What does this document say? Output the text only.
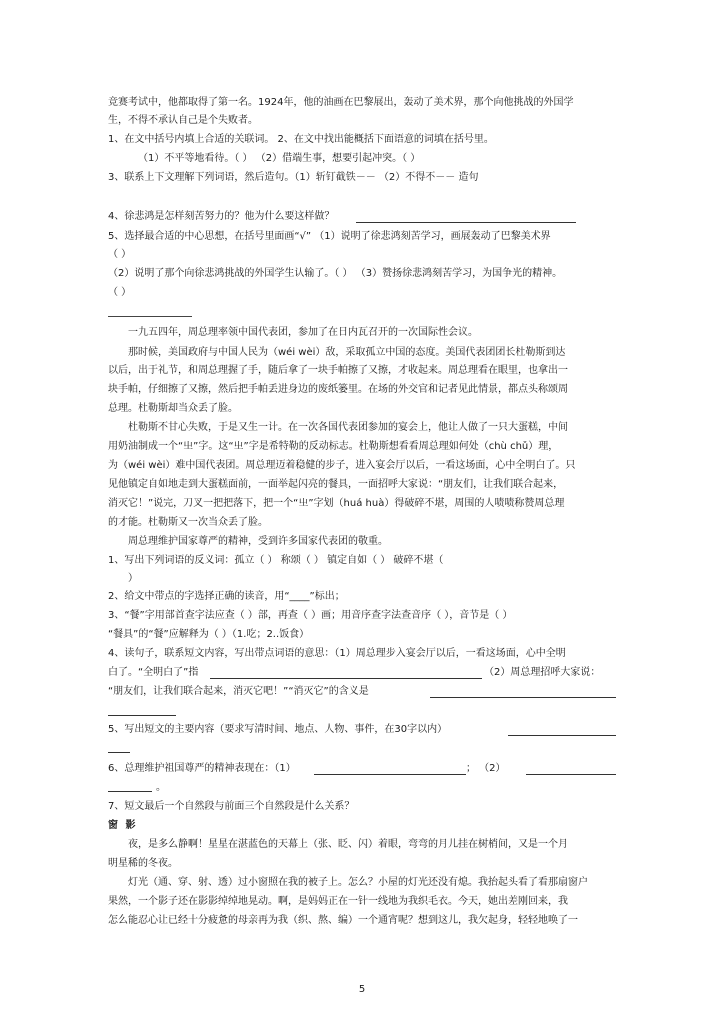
竞赛考试中，他都取得了第一名。1924年，他的油画在巴黎展出，轰动了美术界，那个向他挑战的外国学
生，不得不承认自己是个失败者。
1、在文中括号内填上合适的关联词。 2、在文中找出能概括下面语意的词填在括号里。
（1）不平等地看待。（ ） （2）借端生事，想要引起冲突。（ ）
3、联系上下文理解下列词语，然后造句。（1）斩钉截铁－－ （2）不得不－－ 造句
4、徐悲鸿是怎样刻苦努力的？他为什么要这样做？
5、选择最合适的中心思想，在括号里面画“√” （1）说明了徐悲鸿刻苦学习，画展轰动了巴黎美术界
（ ）
（2）说明了那个向徐悲鸿挑战的外国学生认输了。（ ） （3）赞扬徐悲鸿刻苦学习，为国争光的精神。
（ ）
一九五四年，周总理率领中国代表团，参加了在日内瓦召开的一次国际性会议。
那时候，美国政府与中国人民为（wéi wèi）敌，采取孤立中国的态度。美国代表团团长杜勒斯到达
以后，出于礼节，和周总理握了手，随后拿了一块手帕擦了又擦，才收起来。周总理看在眼里，也拿出一
块手帕，仔细擦了又擦，然后把手帕丢进身边的废纸篓里。在场的外交官和记者见此情景，都点头称颂周
总理。杜勒斯却当众丢了脸。
杜勒斯不甘心失败，于是又生一计。在一次各国代表团参加的宴会上，他让人做了一只大蛋糕，中间
用奶油制成一个“㞢”字。这“㞢”字是希特勒的反动标志。杜勒斯想看看周总理如何处（chù chǔ）理，
为（wéi wèi）难中国代表团。周总理迈着稳健的步子，进入宴会厅以后，一看这场面，心中全明白了。只
见他镇定自如地走到大蛋糕面前，一面举起闪亮的餐具，一面招呼大家说：“朋友们，让我们联合起来，
消灭它！”说完，刀叉一把把落下，把一个“㞢”字划（huá huà）得破碎不堪，周围的人啧啧称赞周总理
的才能。杜勒斯又一次当众丢了脸。
周总理维护国家尊严的精神，受到许多国家代表团的敬重。
1、写出下列词语的反义词：孤立（ ） 称颂（ ） 镇定自如（ ） 破碎不堪（
）
2、给文中带点的字选择正确的读音，用“____”标出；
3、“餐”字用部首查字法应查（ ）部，再查（ ）画；用音序查字法查音序（ ），音节是（ ）
“餐具”的“餐”应解释为（ ）（1.吃；2..饭食）
4、读句子，联系短文内容，写出带点词语的意思：（1）周总理步入宴会厅以后，一看这场面，心中全明
白了。“全明白了”指	（2）周总理招呼大家说：
“朋友们，让我们联合起来，消灭它吧！”“消灭它”的含义是
5、写出短文的主要内容（要求写清时间、地点、人物、事件，在30字以内）
6、总理维护祖国尊严的精神表现在：（1）	； （2）
。
7、短文最后一个自然段与前面三个自然段是什么关系？
窗 影
夜，是多么静啊！星星在湛蓝色的天幕上（张、眨、闪）着眼，弯弯的月儿挂在树梢间，又是一个月
明星稀的冬夜。
灯光（通、穿、射、透）过小窗照在我的被子上。怎么？小屋的灯光还没有熄。我抬起头看了看那扇窗户
果然，一个影子还在影影绰绰地晃动。啊，是妈妈正在一针一线地为我织毛衣。今天，她出差刚回来，我
怎么能忍心让已经十分疲惫的母亲再为我（织、熬、编）一个通宵呢？想到这儿，我欠起身，轻轻地唤了一
5
